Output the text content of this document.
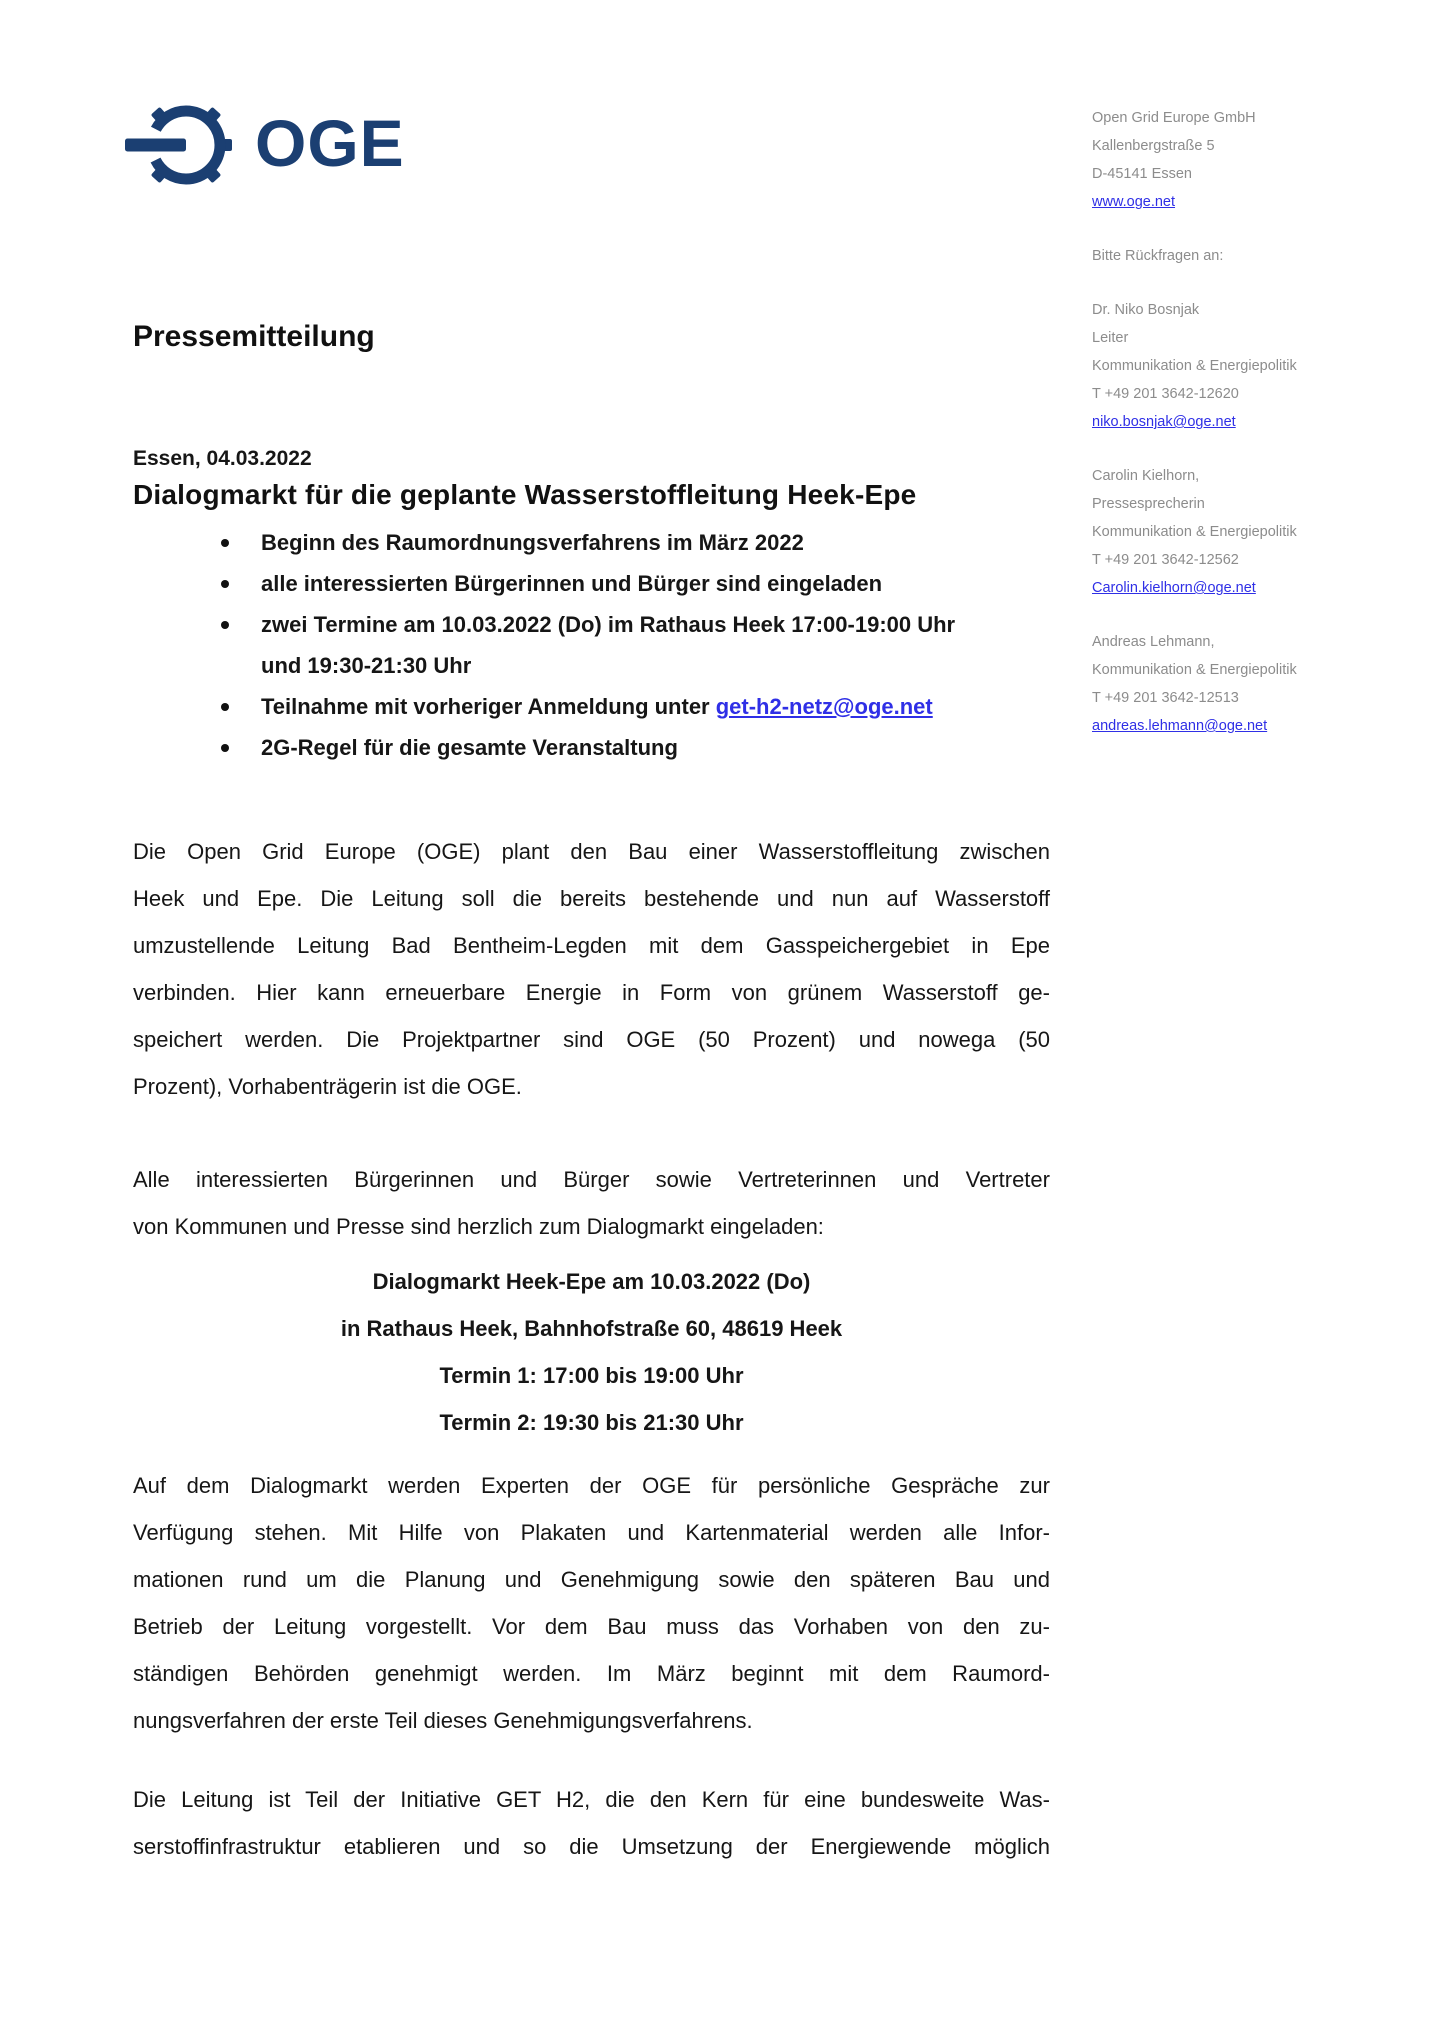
OGE	Open Grid Europe GmbH
Kallenbergstraße 5
D-45141 Essen
www.oge.net
Bitte Rückfragen an:
Dr. Niko Bosnjak
Leiter
Kommunikation & Energiepolitik
T +49 201 3642-12620
niko.bosnjak@oge.net
Carolin Kielhorn,
Pressesprecherin
Kommunikation & Energiepolitik
T +49 201 3642-12562
Carolin.kielhorn@oge.net
Andreas Lehmann,
Kommunikation & Energiepolitik
T +49 201 3642-12513
andreas.lehmann@oge.net
Pressemitteilung

Essen, 04.03.2022

Dialogmarkt für die geplante Wasserstoffleitung Heek-Epe
Beginn des Raumordnungsverfahrens im März 2022
alle interessierten Bürgerinnen und Bürger sind eingeladen
zwei Termine am 10.03.2022 (Do) im Rathaus Heek 17:00-19:00 Uhr
und 19:30-21:30 Uhr
Teilnahme mit vorheriger Anmeldung unter get-h2-netz@oge.net
2G-Regel für die gesamte Veranstaltung

Die Open Grid Europe (OGE) plant den Bau einer Wasserstoffleitung zwischen
Heek und Epe. Die Leitung soll die bereits bestehende und nun auf Wasserstoff
umzustellende Leitung Bad Bentheim-Legden mit dem Gasspeichergebiet in Epe
verbinden. Hier kann erneuerbare Energie in Form von grünem Wasserstoff ge-
speichert werden. Die Projektpartner sind OGE (50 Prozent) und nowega (50
Prozent), Vorhabenträgerin ist die OGE.

Alle interessierten Bürgerinnen und Bürger sowie Vertreterinnen und Vertreter
von Kommunen und Presse sind herzlich zum Dialogmarkt eingeladen:

Dialogmarkt Heek-Epe am 10.03.2022 (Do)
in Rathaus Heek, Bahnhofstraße 60, 48619 Heek
Termin 1: 17:00 bis 19:00 Uhr
Termin 2: 19:30 bis 21:30 Uhr

Auf dem Dialogmarkt werden Experten der OGE für persönliche Gespräche zur
Verfügung stehen. Mit Hilfe von Plakaten und Kartenmaterial werden alle Infor-
mationen rund um die Planung und Genehmigung sowie den späteren Bau und
Betrieb der Leitung vorgestellt. Vor dem Bau muss das Vorhaben von den zu-
ständigen Behörden genehmigt werden. Im März beginnt mit dem Raumord-
nungsverfahren der erste Teil dieses Genehmigungsverfahrens.

Die Leitung ist Teil der Initiative GET H2, die den Kern für eine bundesweite Was-
serstoffinfrastruktur etablieren und so die Umsetzung der Energiewende möglich
